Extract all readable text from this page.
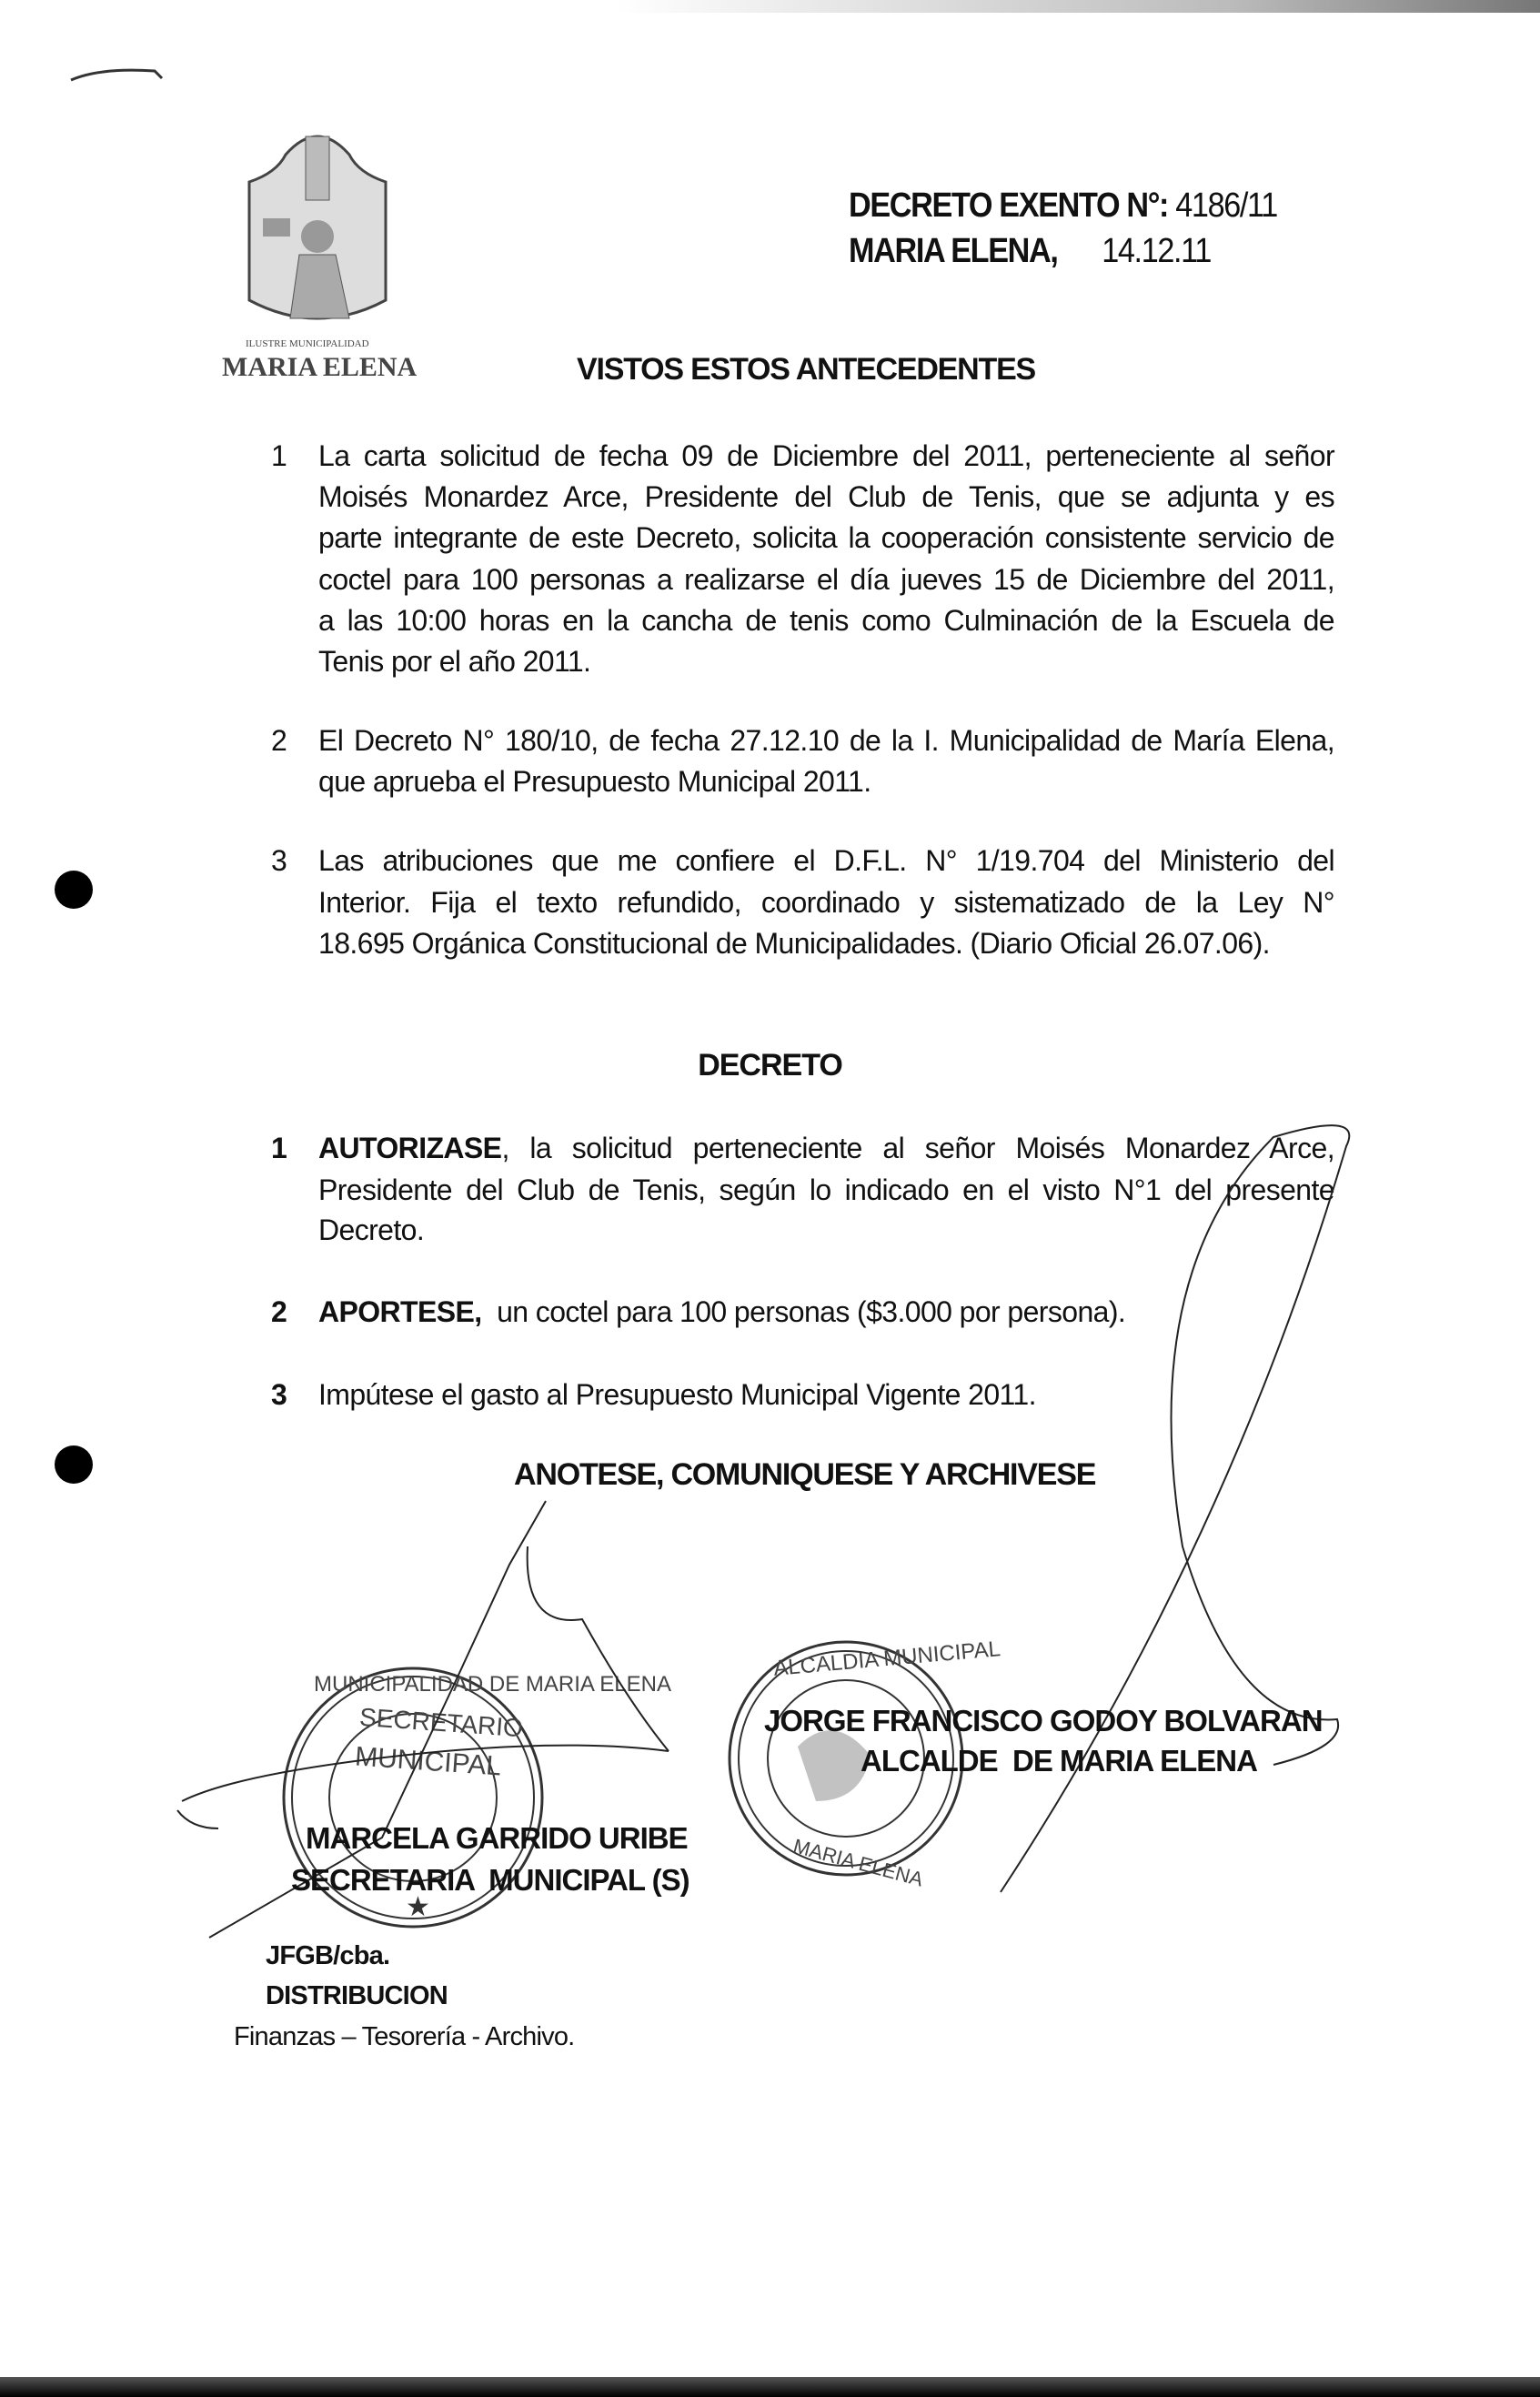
ILUSTRE MUNICIPALIDAD
MARIA ELENA
DECRETO EXENTO N°: 4186/11
MARIA ELENA, 14.12.11
VISTOS ESTOS ANTECEDENTES
1 La carta solicitud de fecha 09 de Diciembre del 2011, perteneciente al señor
Moisés Monardez Arce, Presidente del Club de Tenis, que se adjunta y es
parte integrante de este Decreto, solicita la cooperación consistente servicio de
coctel para 100 personas a realizarse el día jueves 15 de Diciembre del 2011,
a las 10:00 horas en la cancha de tenis como Culminación de la Escuela de
Tenis por el año 2011.
2 El Decreto N° 180/10, de fecha 27.12.10 de la I. Municipalidad de María Elena,
que aprueba el Presupuesto Municipal 2011.
3 Las atribuciones que me confiere el D.F.L. N° 1/19.704 del Ministerio del
Interior. Fija el texto refundido, coordinado y sistematizado de la Ley N°
18.695 Orgánica Constitucional de Municipalidades. (Diario Oficial 26.07.06).
DECRETO
1 AUTORIZASE, la solicitud perteneciente al señor Moisés Monardez Arce,
Presidente del Club de Tenis, según lo indicado en el visto N°1 del presente
Decreto.
2 APORTESE,  un coctel para 100 personas ($3.000 por persona).
3 Impútese el gasto al Presupuesto Municipal Vigente 2011.
ANOTESE, COMUNIQUESE Y ARCHIVESE
★
MUNICIPALIDAD DE MARIA ELENA
SECRETARIO
MUNICIPAL
ALCALDIA MUNICIPAL
MARIA ELENA
JORGE FRANCISCO GODOY BOLVARAN
ALCALDE  DE MARIA ELENA
MARCELA GARRIDO URIBE
SECRETARIA  MUNICIPAL (S)
JFGB/cba.
DISTRIBUCION
Finanzas – Tesorería - Archivo.
